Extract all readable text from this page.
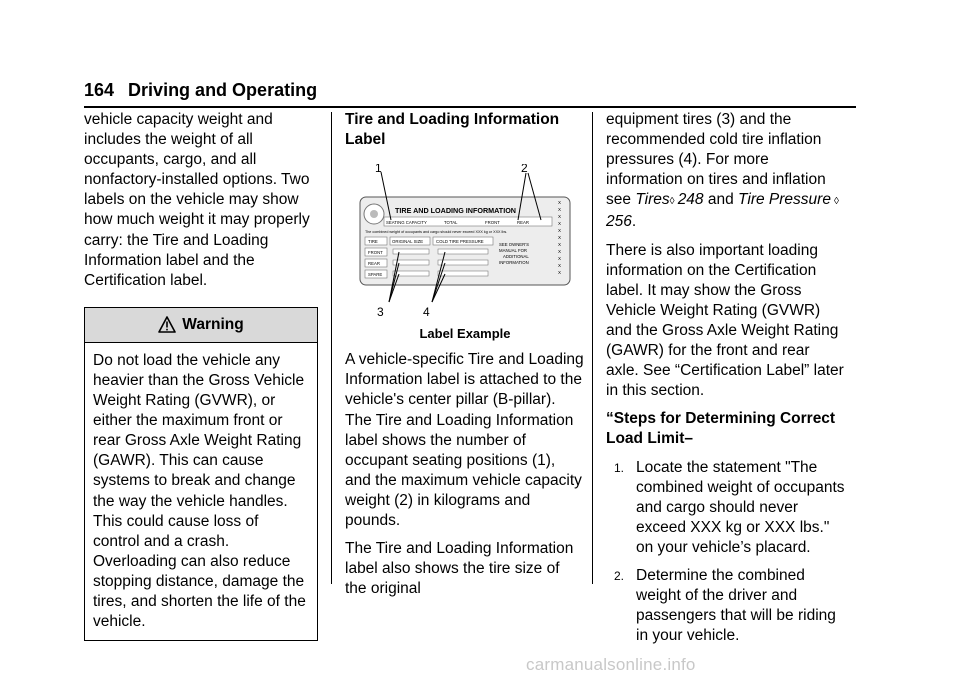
164 Driving and Operating

vehicle capacity weight and includes the weight of all occupants, cargo, and all nonfactory-installed options. Two labels on the vehicle may show how much weight it may properly carry: the Tire and Loading Information label and the Certification label.

Warning
Do not load the vehicle any heavier than the Gross Vehicle Weight Rating (GVWR), or either the maximum front or rear Gross Axle Weight Rating (GAWR). This can cause systems to break and change the way the vehicle handles. This could cause loss of control and a crash. Overloading can also reduce stopping distance, damage the tires, and shorten the life of the vehicle.

Tire and Loading Information Label

TIRE AND LOADING INFORMATION
SEATING CAPACITY	TOTAL	FRONT	REAR
The combined weight of occupants and cargo should never exceed XXX kg or XXX lbs.
TIRE	ORIGINAL SIZE	COLD TIRE PRESSURE
FRONT
REAR
SPARE
SEE OWNER'S
MANUAL FOR
ADDITIONAL
INFORMATION
X
X
X
X
X
X
X
X
X
X
X
1	2
3	4

Label Example

A vehicle-specific Tire and Loading Information label is attached to the vehicle's center pillar (B-pillar). The Tire and Loading Information label shows the number of occupant seating positions (1), and the maximum vehicle capacity weight (2) in kilograms and pounds.

The Tire and Loading Information label also shows the tire size of the original

equipment tires (3) and the recommended cold tire inflation pressures (4). For more information on tires and inflation see Tires◊  248 and Tire Pressure  ◊ 256.

There is also important loading information on the Certification label. It may show the Gross Vehicle Weight Rating (GVWR) and the Gross Axle Weight Rating (GAWR) for the front and rear axle. See “Certification Label” later in this section.

“Steps for Determining Correct Load Limit–

1. Locate the statement "The combined weight of occupants and cargo should never exceed XXX kg or XXX lbs." on your vehicle’s placard.
2. Determine the combined weight of the driver and passengers that will be riding in your vehicle.
carmanualsonline.info
